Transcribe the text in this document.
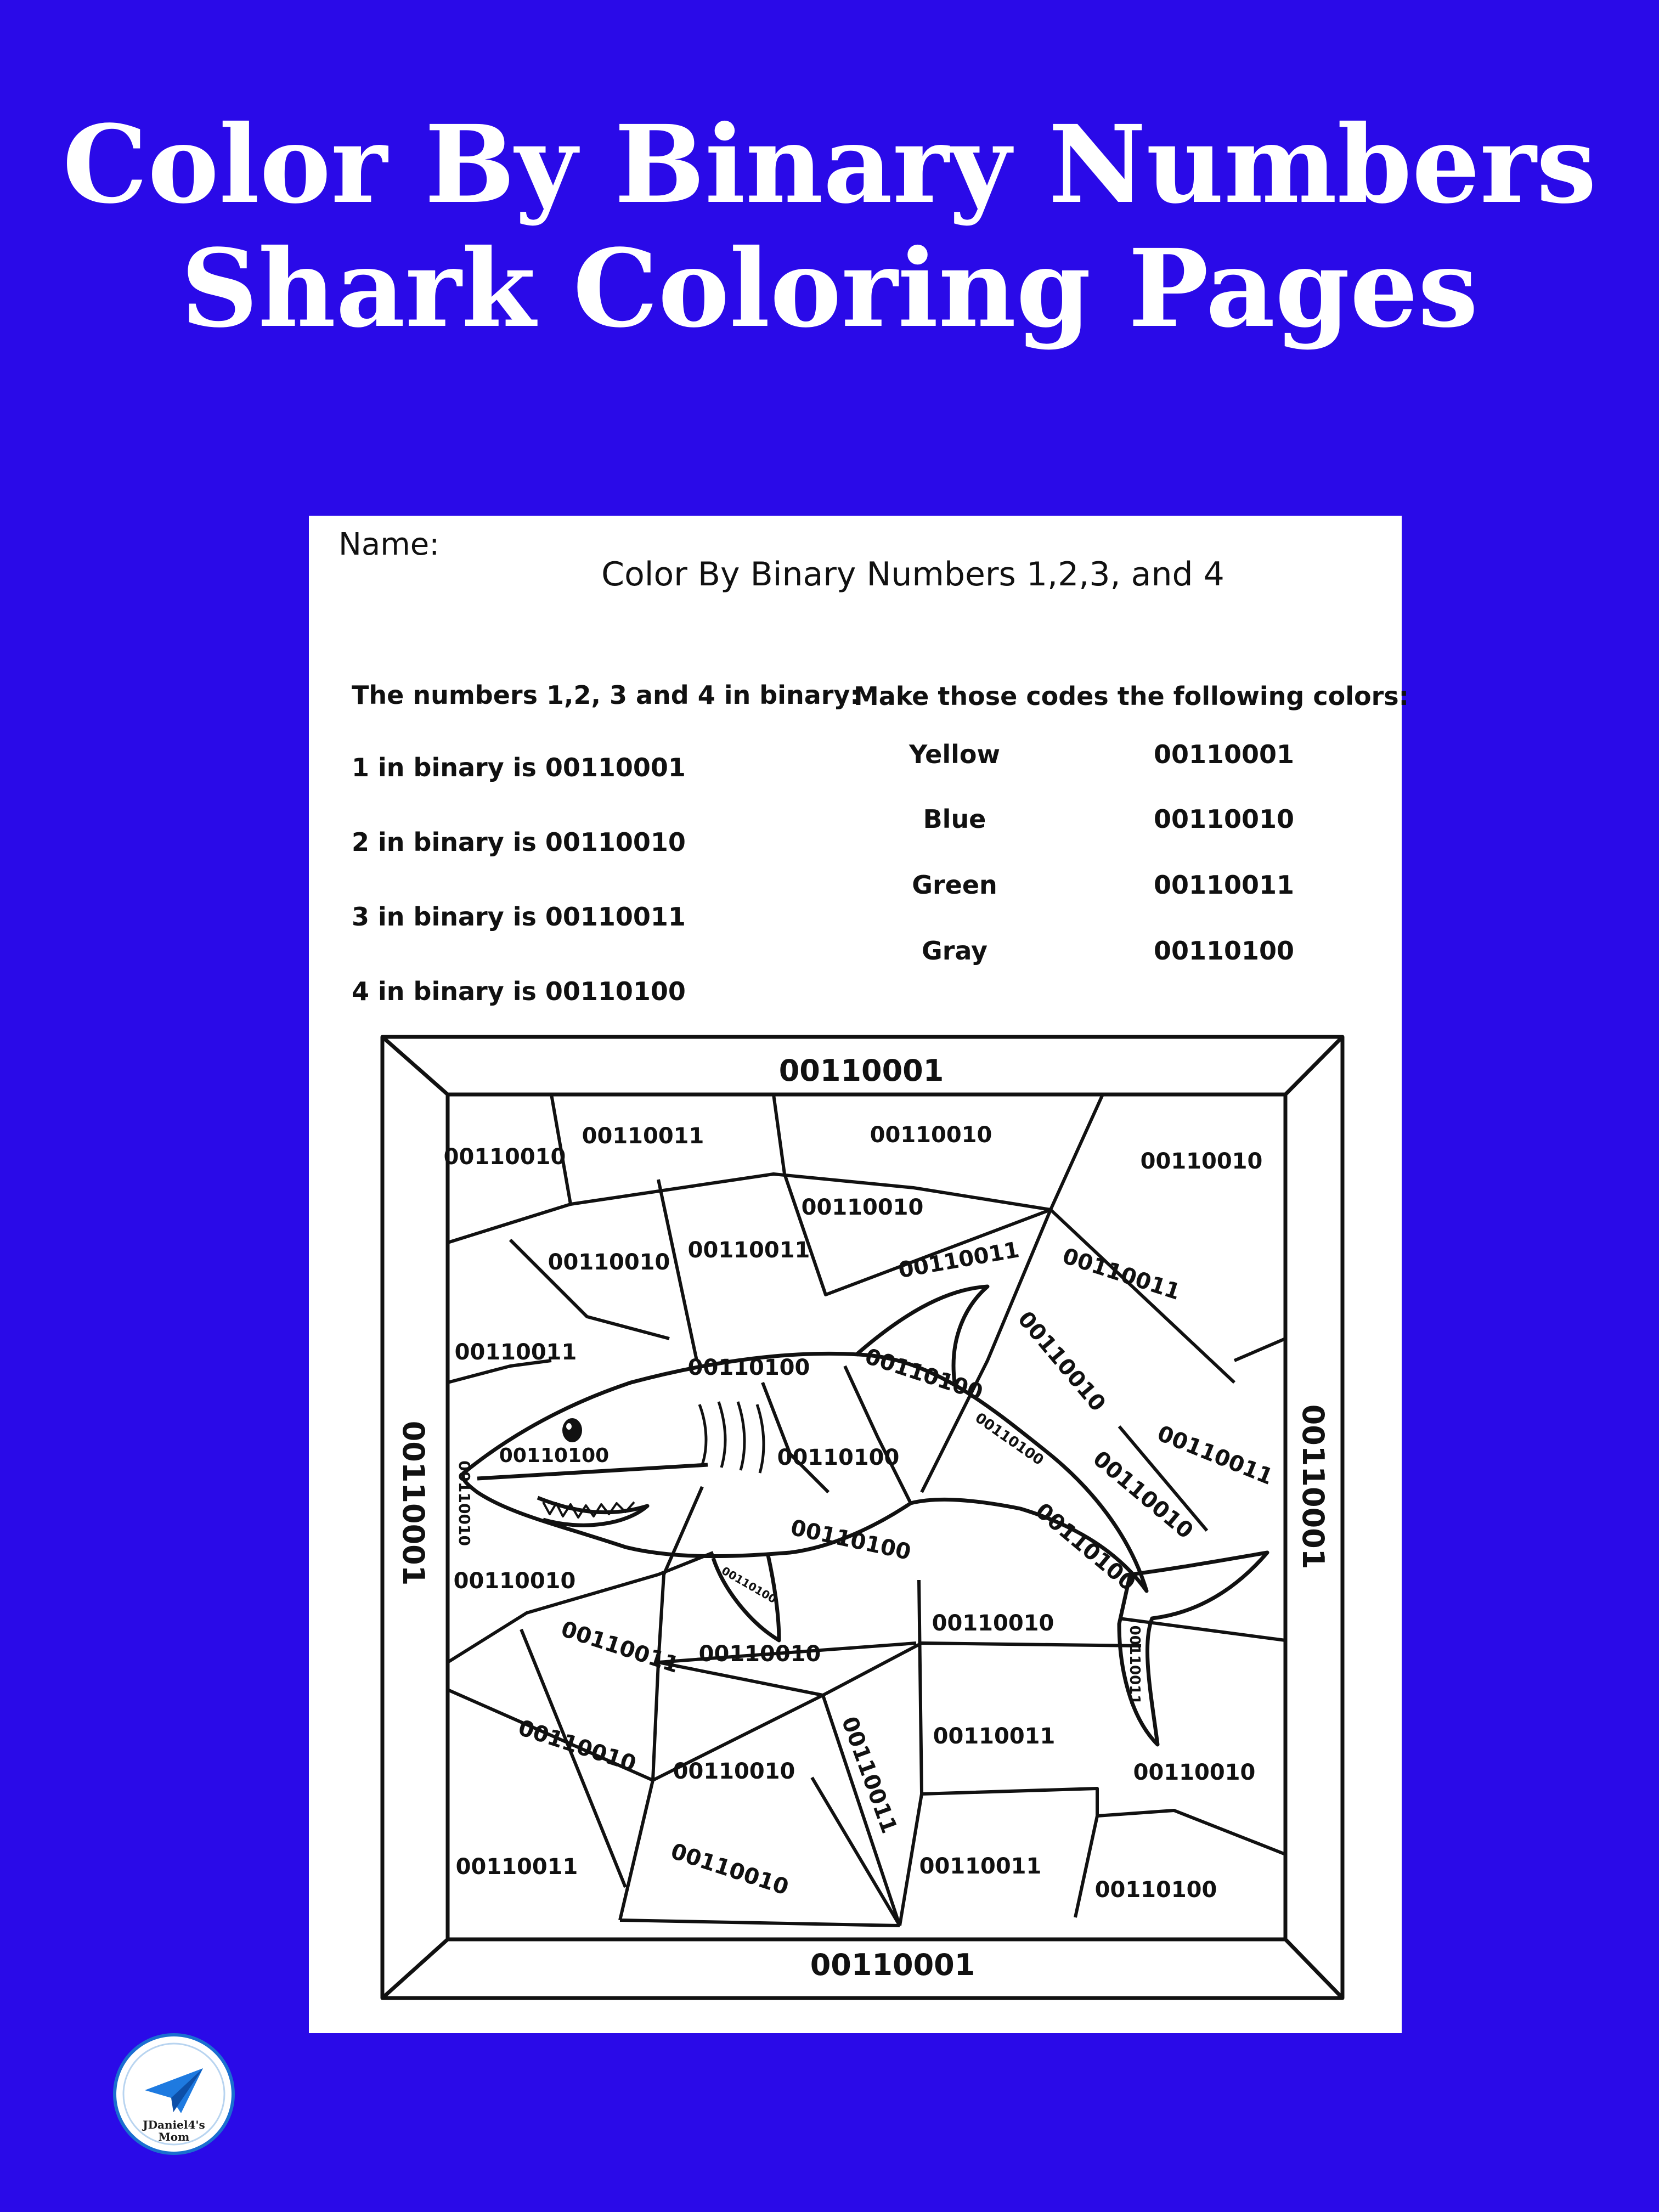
Color By Binary Numbers
Shark Coloring Pages
Name:
Color By Binary Numbers 1,2,3, and 4
The numbers 1,2, 3 and 4 in binary:
1 in binary is 00110001
2 in binary is 00110010
3 in binary is 00110011
4 in binary is 00110100
Make those codes the following colors:
Yellow	00110001
Blue	00110010
Green	00110011
Gray	00110100
00110001
00110001
00110001	00110001
00110010
00110011	00110010
00110010
00110010
00110011
00110010	00110011 00110011
00110011
00110100	00110010
00110100
00110100	00110100	00110100	00110011
00110010	00110010
00110100	00110100
00110010	00110100
00110010
00110010	00110011
00110011
00110010	00110011
00110011
00110010	00110010
00110011	00110010	00110011
00110100
JDaniel4's
Mom
